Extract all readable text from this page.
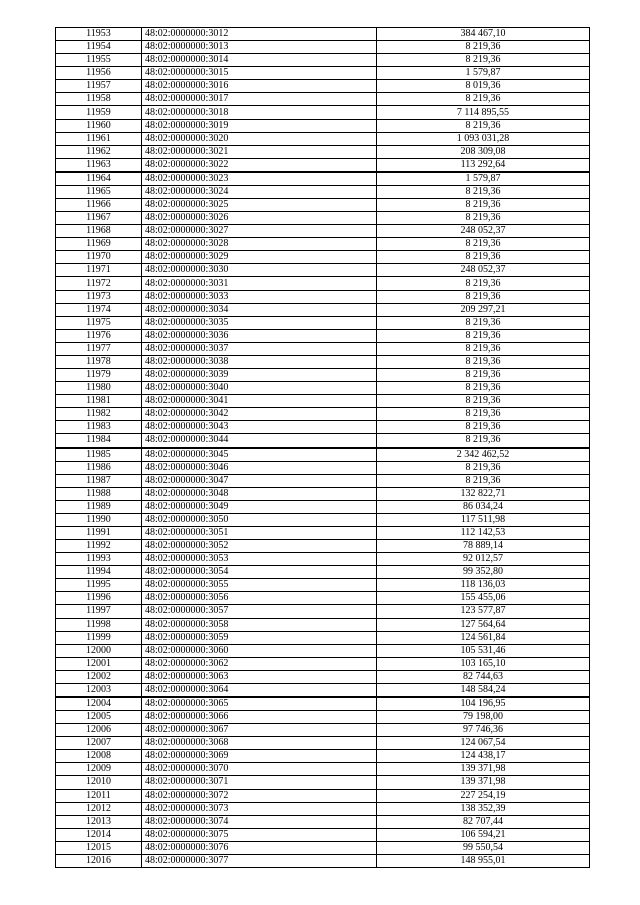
11953	48:02:0000000:3012	384 467,10
11954	48:02:0000000:3013	8 219,36
11955	48:02:0000000:3014	8 219,36
11956	48:02:0000000:3015	1 579,87
11957	48:02:0000000:3016	8 019,36
11958	48:02:0000000:3017	8 219,36
11959	48:02:0000000:3018	7 114 895,55
11960	48:02:0000000:3019	8 219,36
11961	48:02:0000000:3020	1 093 031,28
11962	48:02:0000000:3021	208 309,08
11963	48:02:0000000:3022	113 292,64
11964	48:02:0000000:3023	1 579,87
11965	48:02:0000000:3024	8 219,36
11966	48:02:0000000:3025	8 219,36
11967	48:02:0000000:3026	8 219,36
11968	48:02:0000000:3027	248 052,37
11969	48:02:0000000:3028	8 219,36
11970	48:02:0000000:3029	8 219,36
11971	48:02:0000000:3030	248 052,37
11972	48:02:0000000:3031	8 219,36
11973	48:02:0000000:3033	8 219,36
11974	48:02:0000000:3034	209 297,21
11975	48:02:0000000:3035	8 219,36
11976	48:02:0000000:3036	8 219,36
11977	48:02:0000000:3037	8 219,36
11978	48:02:0000000:3038	8 219,36
11979	48:02:0000000:3039	8 219,36
11980	48:02:0000000:3040	8 219,36
11981	48:02:0000000:3041	8 219,36
11982	48:02:0000000:3042	8 219,36
11983	48:02:0000000:3043	8 219,36
11984	48:02:0000000:3044	8 219,36
11985	48:02:0000000:3045	2 342 462,52
11986	48:02:0000000:3046	8 219,36
11987	48:02:0000000:3047	8 219,36
11988	48:02:0000000:3048	132 822,71
11989	48:02:0000000:3049	86 034,24
11990	48:02:0000000:3050	117 511,98
11991	48:02:0000000:3051	112 142,53
11992	48:02:0000000:3052	78 889,14
11993	48:02:0000000:3053	92 012,57
11994	48:02:0000000:3054	99 352,80
11995	48:02:0000000:3055	118 136,03
11996	48:02:0000000:3056	155 455,06
11997	48:02:0000000:3057	123 577,87
11998	48:02:0000000:3058	127 564,64
11999	48:02:0000000:3059	124 561,84
12000	48:02:0000000:3060	105 531,46
12001	48:02:0000000:3062	103 165,10
12002	48:02:0000000:3063	82 744,63
12003	48:02:0000000:3064	148 584,24
12004	48:02:0000000:3065	104 196,95
12005	48:02:0000000:3066	79 198,00
12006	48:02:0000000:3067	97 746,36
12007	48:02:0000000:3068	124 067,54
12008	48:02:0000000:3069	124 438,17
12009	48:02:0000000:3070	139 371,98
12010	48:02:0000000:3071	139 371,98
12011	48:02:0000000:3072	227 254,19
12012	48:02:0000000:3073	138 352,39
12013	48:02:0000000:3074	82 707,44
12014	48:02:0000000:3075	106 594,21
12015	48:02:0000000:3076	99 550,54
12016	48:02:0000000:3077	148 955,01
